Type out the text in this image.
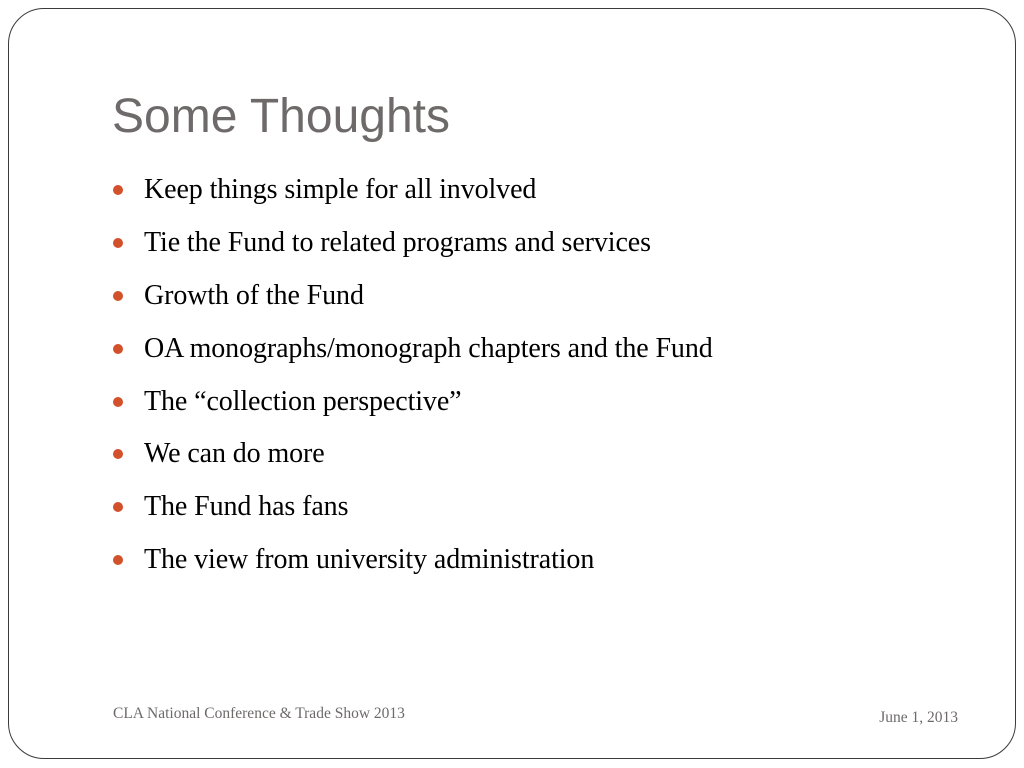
Some Thoughts
Keep things simple for all involved
Tie the Fund to related programs and services
Growth of the Fund
OA monographs/monograph chapters and the Fund
The “collection perspective”
We can do more
The Fund has fans
The view from university administration
CLA National Conference & Trade Show 2013	June 1, 2013
